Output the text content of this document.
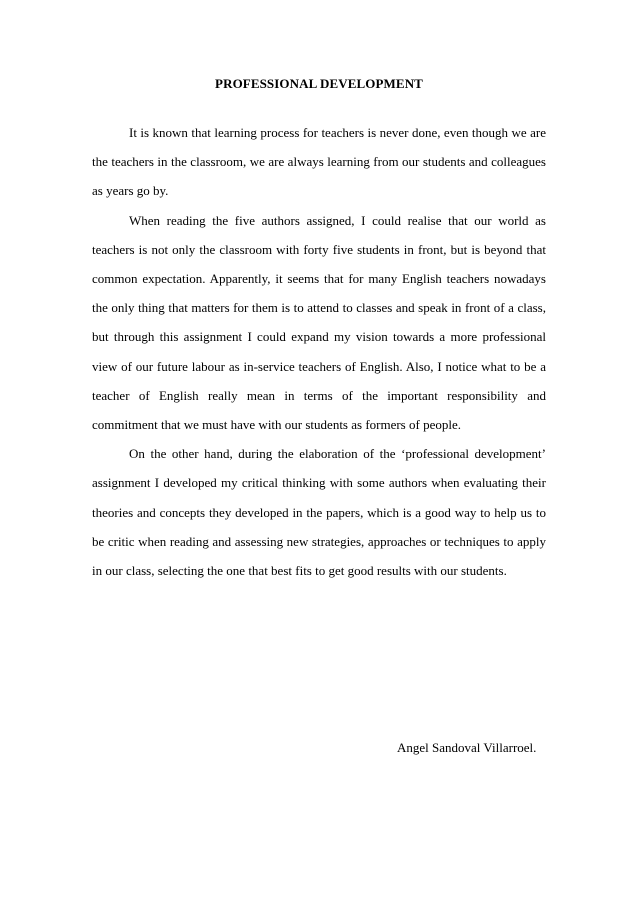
PROFESSIONAL DEVELOPMENT

It is known that learning process for teachers is never done, even though we are the teachers in the classroom, we are always learning from our students and colleagues as years go by.

When reading the five authors assigned, I could realise that our world as teachers is not only the classroom with forty five students in front, but is beyond that common expectation. Apparently, it seems that for many English teachers nowadays the only thing that matters for them is to attend to classes and speak in front of a class, but through this assignment I could expand my vision towards a more professional view of our future labour as in-service teachers of English. Also, I notice what to be a teacher of English really mean in terms of the important responsibility and commitment that we must have with our students as formers of people.

On the other hand, during the elaboration of the ‘professional development’ assignment I developed my critical thinking with some authors when evaluating their theories and concepts they developed in the papers, which is a good way to help us to be critic when reading and assessing new strategies, approaches or techniques to apply in our class, selecting the one that best fits to get good results with our students.

Angel Sandoval Villarroel.
